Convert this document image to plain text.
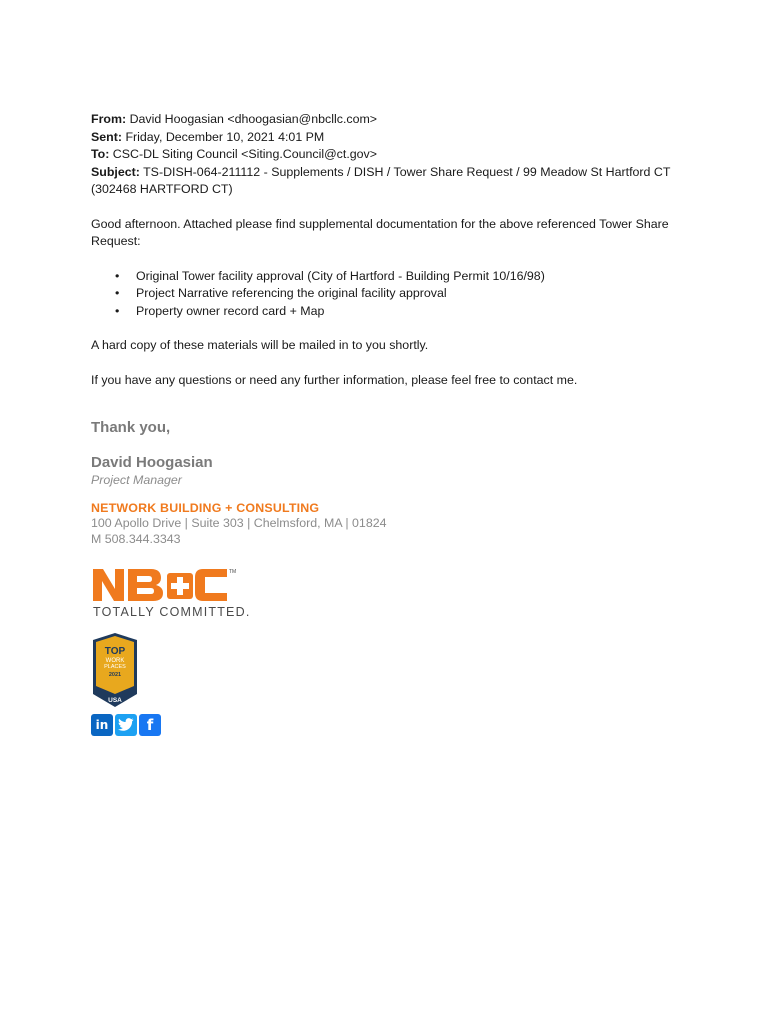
From: David Hoogasian <dhoogasian@nbcllc.com>
Sent: Friday, December 10, 2021 4:01 PM
To: CSC-DL Siting Council <Siting.Council@ct.gov>
Subject: TS-DISH-064-211112 - Supplements / DISH / Tower Share Request / 99 Meadow St Hartford CT (302468 HARTFORD CT)
Good afternoon. Attached please find supplemental documentation for the above referenced Tower Share Request:
• Original Tower facility approval (City of Hartford - Building Permit 10/16/98)
• Project Narrative referencing the original facility approval
• Property owner record card + Map
A hard copy of these materials will be mailed in to you shortly.
If you have any questions or need any further information, please feel free to contact me.
Thank you,
David Hoogasian
Project Manager
NETWORK BUILDING + CONSULTING
100 Apollo Drive | Suite 303 | Chelmsford, MA | 01824
M 508.344.3343
TM
TOTALLY COMMITTED.
TOP
WORK
PLACES
2021
USA
in	f
